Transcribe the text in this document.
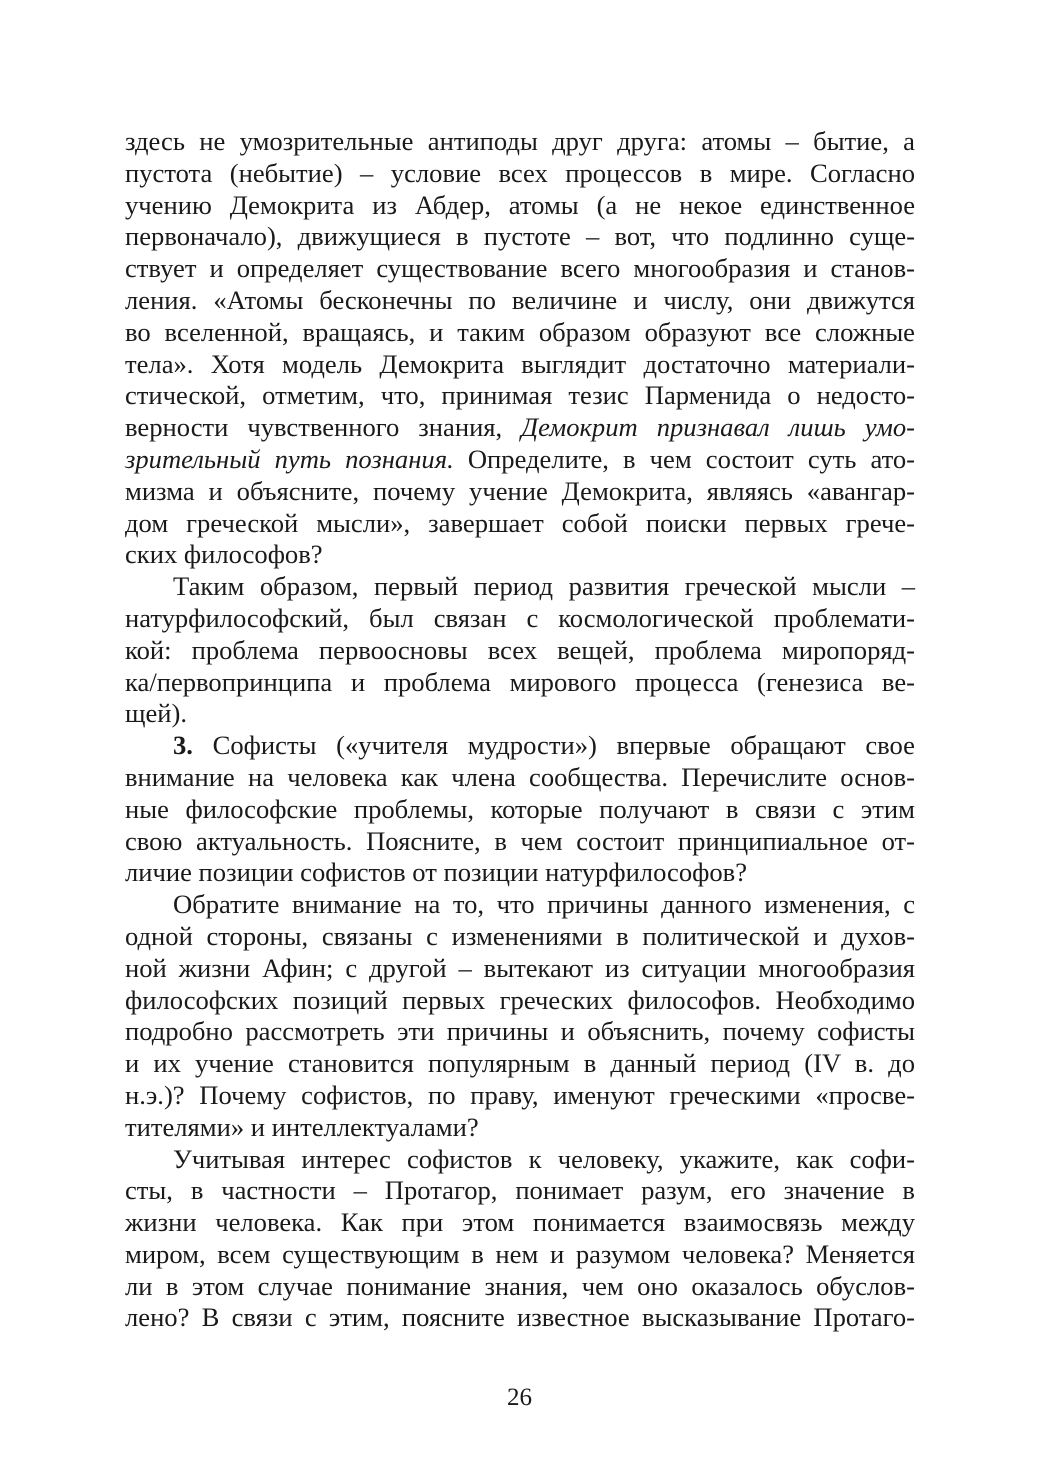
здесь не умозрительные антиподы друг друга: атомы – бытие, а
пустота (небытие) – условие всех процессов в мире. Согласно
учению Демокрита из Абдер, атомы (а не некое единственное
первоначало), движущиеся в пустоте – вот, что подлинно суще-
ствует и определяет существование всего многообразия и станов-
ления. «Атомы бесконечны по величине и числу, они движутся
во вселенной, вращаясь, и таким образом образуют все сложные
тела». Хотя модель Демокрита выглядит достаточно материали-
стической, отметим, что, принимая тезис Парменида о недосто-
верности чувственного знания, Демокрит признавал лишь умо-
зрительный путь познания. Определите, в чем состоит суть ато-
мизма и объясните, почему учение Демокрита, являясь «авангар-
дом греческой мысли», завершает собой поиски первых грече-
ских философов?
Таким образом, первый период развития греческой мысли –
натурфилософский, был связан с космологической проблемати-
кой: проблема первоосновы всех вещей, проблема миропоряд-
ка/первопринципа и проблема мирового процесса (генезиса ве-
щей).
3. Софисты («учителя мудрости») впервые обращают свое
внимание на человека как члена сообщества. Перечислите основ-
ные философские проблемы, которые получают в связи с этим
свою актуальность. Поясните, в чем состоит принципиальное от-
личие позиции софистов от позиции натурфилософов?
Обратите внимание на то, что причины данного изменения, с
одной стороны, связаны с изменениями в политической и духов-
ной жизни Афин; с другой – вытекают из ситуации многообразия
философских позиций первых греческих философов. Необходимо
подробно рассмотреть эти причины и объяснить, почему софисты
и их учение становится популярным в данный период (IV в. до
н.э.)? Почему софистов, по праву, именуют греческими «просве-
тителями» и интеллектуалами?
Учитывая интерес софистов к человеку, укажите, как софи-
сты, в частности – Протагор, понимает разум, его значение в
жизни человека. Как при этом понимается взаимосвязь между
миром, всем существующим в нем и разумом человека? Меняется
ли в этом случае понимание знания, чем оно оказалось обуслов-
лено? В связи с этим, поясните известное высказывание Протаго-
26
